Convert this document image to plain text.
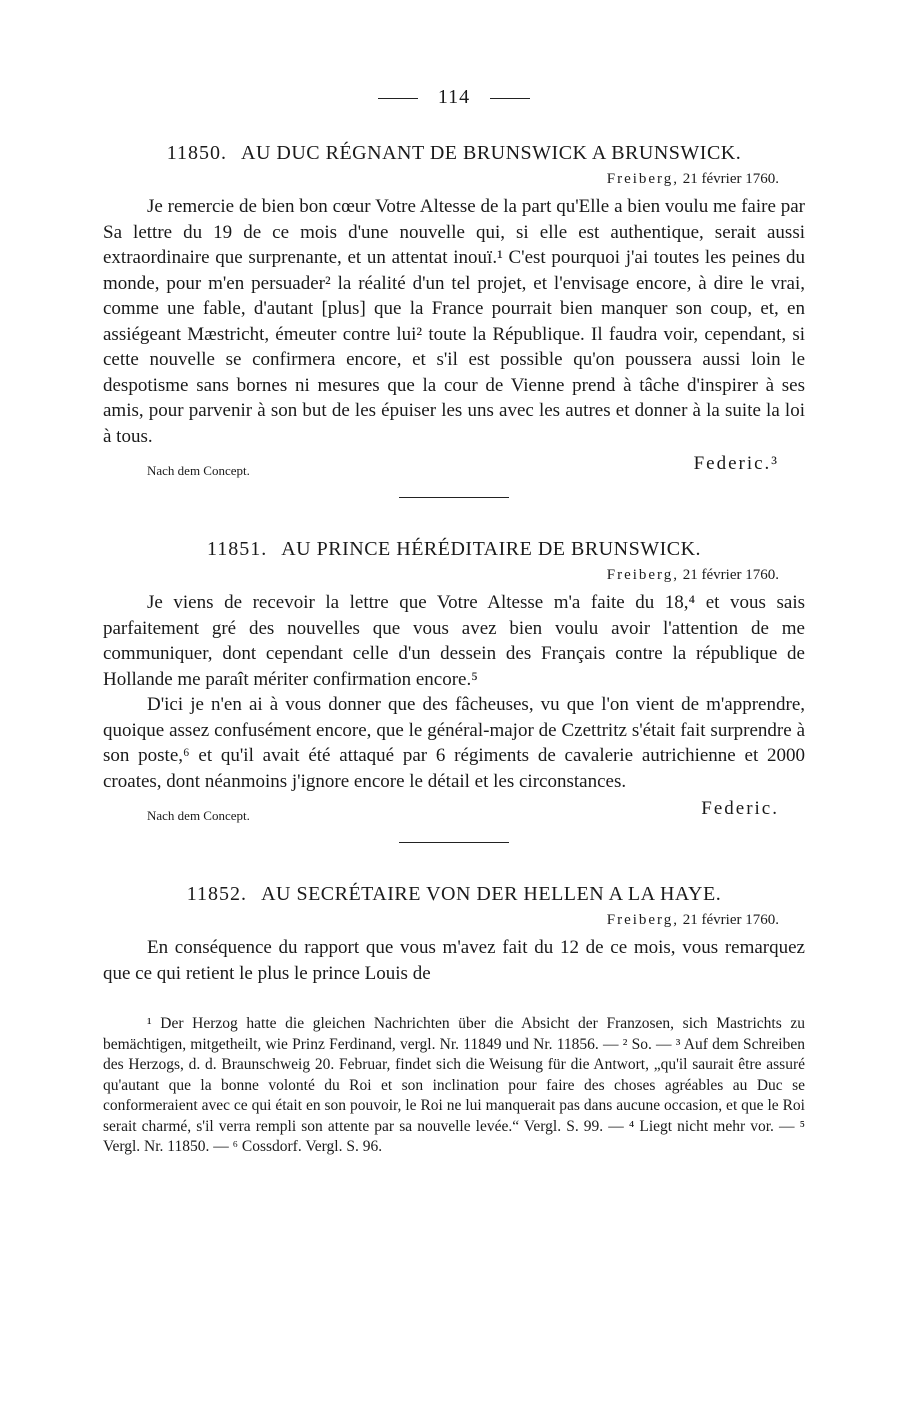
114
11850. AU DUC RÉGNANT DE BRUNSWICK A BRUNSWICK.
Freiberg, 21 février 1760.

Je remercie de bien bon cœur Votre Altesse de la part qu'Elle a bien voulu me faire par Sa lettre du 19 de ce mois d'une nouvelle qui, si elle est authentique, serait aussi extraordinaire que surprenante, et un attentat inouï.¹ C'est pourquoi j'ai toutes les peines du monde, pour m'en persuader² la réalité d'un tel projet, et l'envisage encore, à dire le vrai, comme une fable, d'autant [plus] que la France pourrait bien manquer son coup, et, en assiégeant Mæstricht, émeuter contre lui² toute la République. Il faudra voir, cependant, si cette nouvelle se confirmera encore, et s'il est possible qu'on poussera aussi loin le despotisme sans bornes ni mesures que la cour de Vienne prend à tâche d'inspirer à ses amis, pour parvenir à son but de les épuiser les uns avec les autres et donner à la suite la loi à tous.

Nach dem Concept.	Federic.³
11851. AU PRINCE HÉRÉDITAIRE DE BRUNSWICK.
Freiberg, 21 février 1760.

Je viens de recevoir la lettre que Votre Altesse m'a faite du 18,⁴ et vous sais parfaitement gré des nouvelles que vous avez bien voulu avoir l'attention de me communiquer, dont cependant celle d'un dessein des Français contre la république de Hollande me paraît mériter confirmation encore.⁵

D'ici je n'en ai à vous donner que des fâcheuses, vu que l'on vient de m'apprendre, quoique assez confusément encore, que le général-major de Czettritz s'était fait surprendre à son poste,⁶ et qu'il avait été attaqué par 6 régiments de cavalerie autrichienne et 2000 croates, dont néanmoins j'ignore encore le détail et les circonstances.

Nach dem Concept.	Federic.
11852. AU SECRÉTAIRE VON DER HELLEN A LA HAYE.
Freiberg, 21 février 1760.

En conséquence du rapport que vous m'avez fait du 12 de ce mois, vous remarquez que ce qui retient le plus le prince Louis de

¹ Der Herzog hatte die gleichen Nachrichten über die Absicht der Franzosen, sich Mastrichts zu bemächtigen, mitgetheilt, wie Prinz Ferdinand, vergl. Nr. 11849 und Nr. 11856. — ² So. — ³ Auf dem Schreiben des Herzogs, d. d. Braunschweig 20. Februar, findet sich die Weisung für die Antwort, „qu'il saurait être assuré qu'autant que la bonne volonté du Roi et son inclination pour faire des choses agréables au Duc se conformeraient avec ce qui était en son pouvoir, le Roi ne lui manquerait pas dans aucune occasion, et que le Roi serait charmé, s'il verra rempli son attente par sa nouvelle levée.“ Vergl. S. 99. — ⁴ Liegt nicht mehr vor. — ⁵ Vergl. Nr. 11850. — ⁶ Cossdorf. Vergl. S. 96.
